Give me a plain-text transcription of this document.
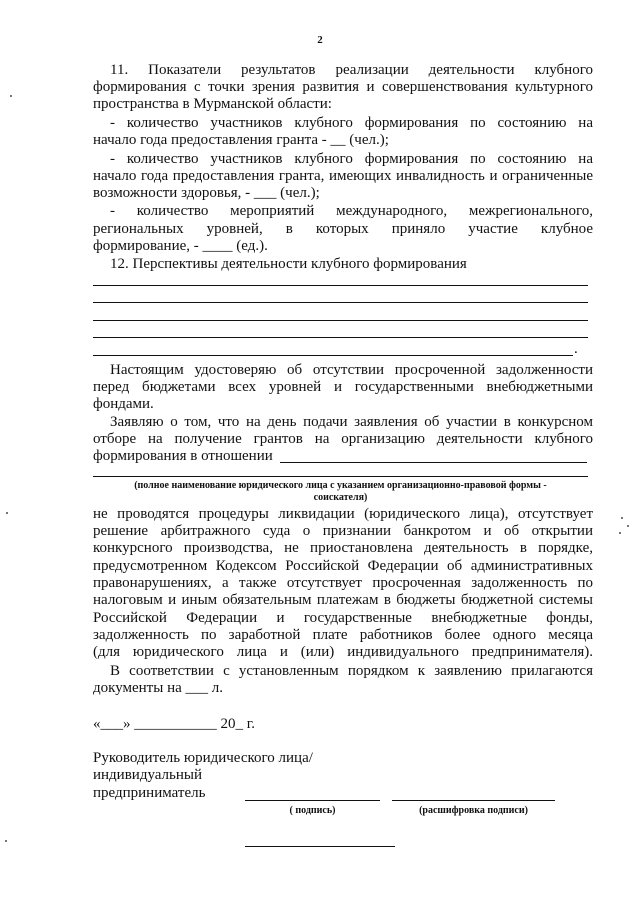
2
11. Показатели результатов реализации деятельности клубного
формирования с точки зрения развития и совершенствования культурного
пространства в Мурманской области:
- количество участников клубного формирования по состоянию на
начало года предоставления гранта - __ (чел.);
- количество участников клубного формирования по состоянию на
начало года предоставления гранта, имеющих инвалидность и ограниченные
возможности здоровья, - ___ (чел.);
- количество мероприятий международного, межрегионального,
региональных уровней, в которых приняло участие клубное
формирование, - ____ (ед.).
12. Перспективы деятельности клубного формирования
.
Настоящим удостоверяю об отсутствии просроченной задолженности
перед бюджетами всех уровней и государственными внебюджетными
фондами.
Заявляю о том, что на день подачи заявления об участии в конкурсном
отборе на получение грантов на организацию деятельности клубного
формирования в отношении
(полное наименование юридического лица с указанием организационно-правовой формы -
соискателя)
не проводятся процедуры ликвидации (юридического лица), отсутствует
решение арбитражного суда о признании банкротом и об открытии
конкурсного производства, не приостановлена деятельность в порядке,
предусмотренном Кодексом Российской Федерации об административных
правонарушениях, а также отсутствует просроченная задолженность по
налоговым и иным обязательным платежам в бюджеты бюджетной системы
Российской Федерации и государственные внебюджетные фонды,
задолженность по заработной плате работников более одного месяца
(для юридического лица и (или) индивидуального предпринимателя).
В соответствии с установленным порядком к заявлению прилагаются
документы на ___ л.
«___» ___________ 20_ г.
Руководитель юридического лица/
индивидуальный
предприниматель
( подпись)	(расшифровка подписи)
